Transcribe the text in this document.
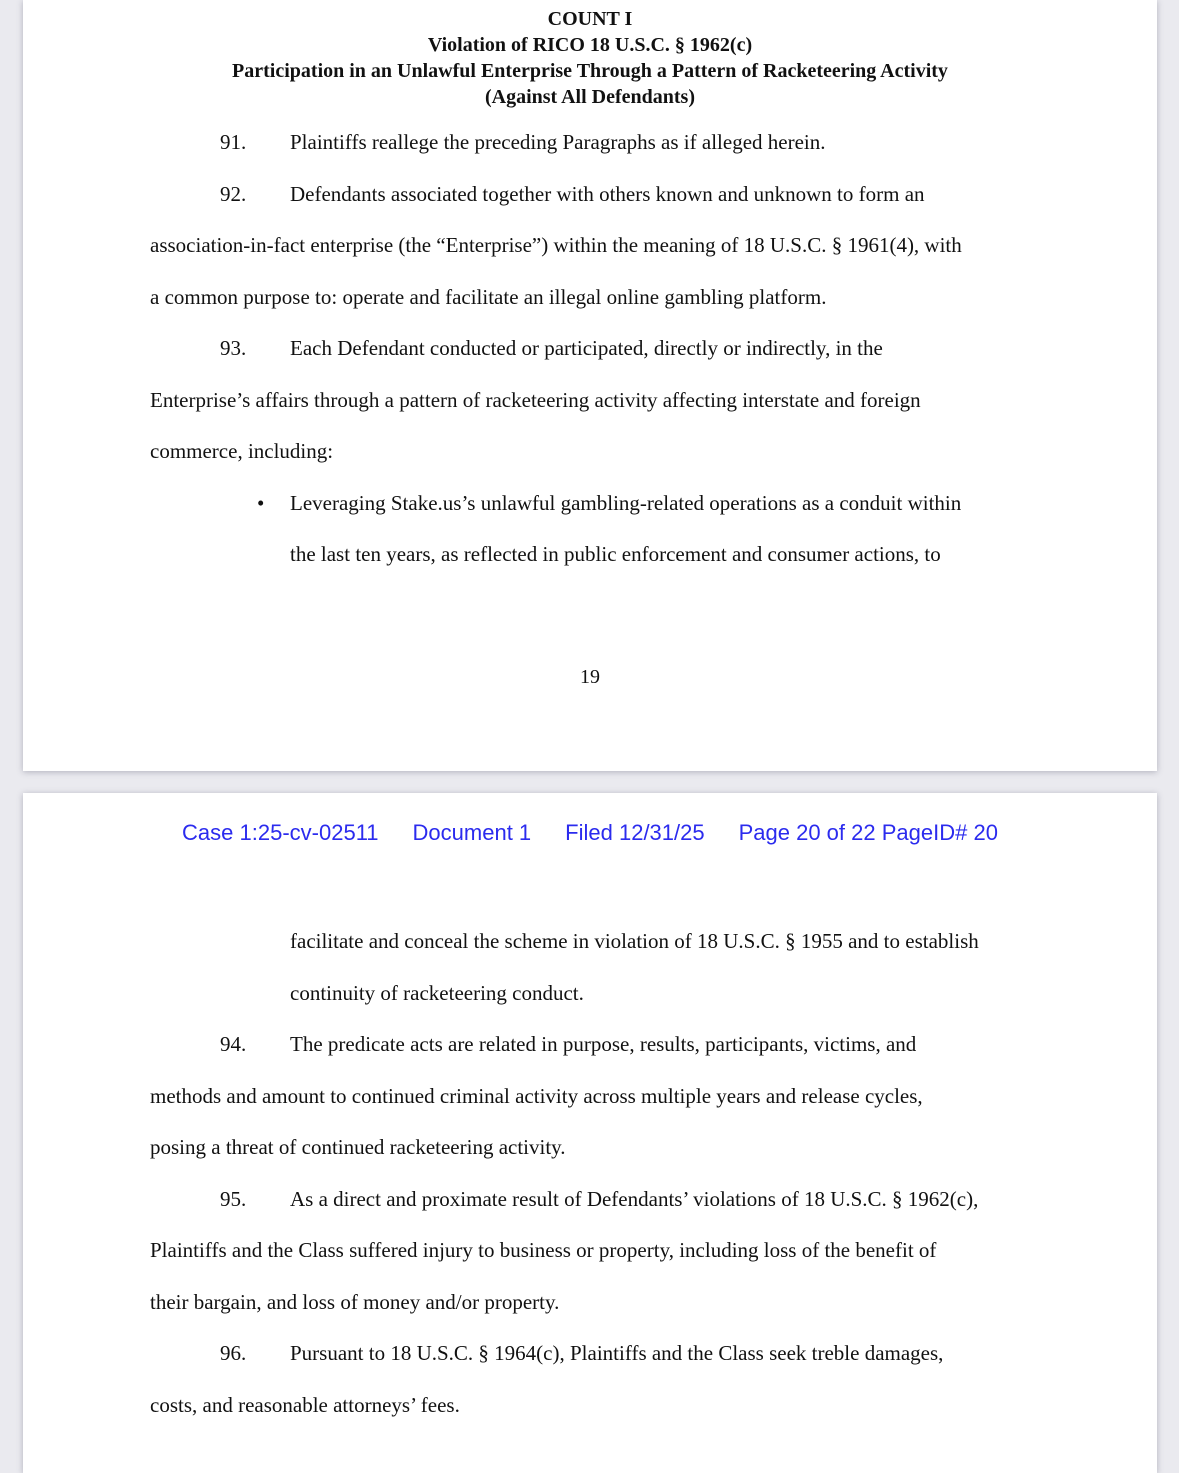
COUNT I
Violation of RICO 18 U.S.C. § 1962(c)
Participation in an Unlawful Enterprise Through a Pattern of Racketeering Activity
(Against All Defendants)
91. Plaintiffs reallege the preceding Paragraphs as if alleged herein.
92. Defendants associated together with others known and unknown to form an
association-in-fact enterprise (the “Enterprise”) within the meaning of 18 U.S.C. § 1961(4), with
a common purpose to: operate and facilitate an illegal online gambling platform.
93. Each Defendant conducted or participated, directly or indirectly, in the
Enterprise’s affairs through a pattern of racketeering activity affecting interstate and foreign
commerce, including:
• Leveraging Stake.us’s unlawful gambling-related operations as a conduit within
the last ten years, as reflected in public enforcement and consumer actions, to
19
Case 1:25-cv-02511 Document 1 Filed 12/31/25 Page 20 of 22 PageID# 20
facilitate and conceal the scheme in violation of 18 U.S.C. § 1955 and to establish
continuity of racketeering conduct.
94. The predicate acts are related in purpose, results, participants, victims, and
methods and amount to continued criminal activity across multiple years and release cycles,
posing a threat of continued racketeering activity.
95. As a direct and proximate result of Defendants’ violations of 18 U.S.C. § 1962(c),
Plaintiffs and the Class suffered injury to business or property, including loss of the benefit of
their bargain, and loss of money and/or property.
96. Pursuant to 18 U.S.C. § 1964(c), Plaintiffs and the Class seek treble damages,
costs, and reasonable attorneys’ fees.
